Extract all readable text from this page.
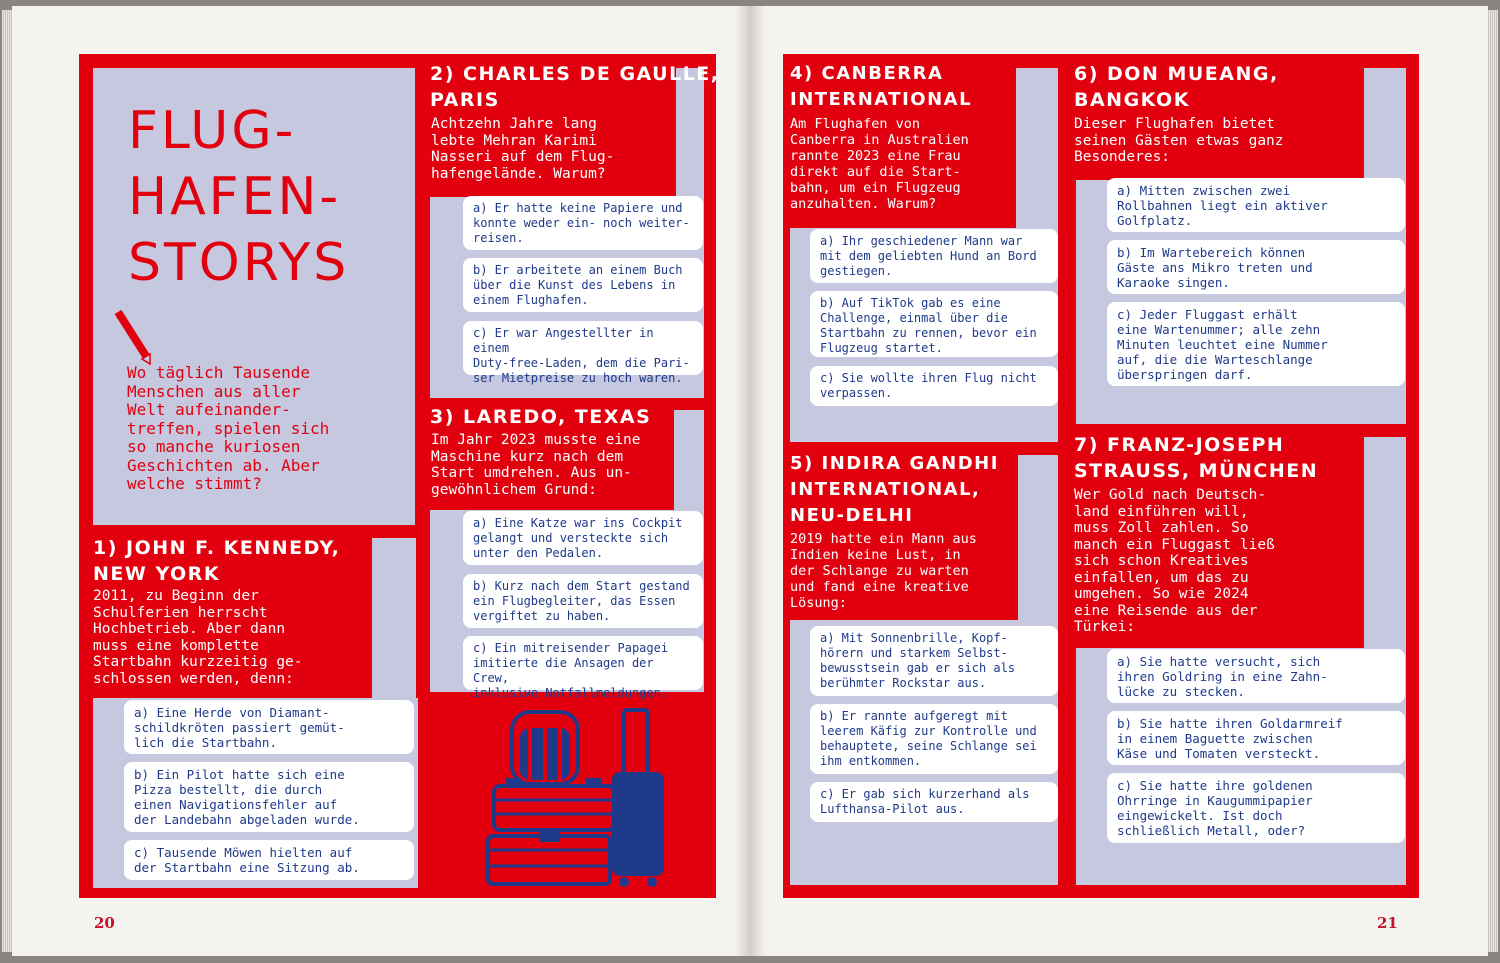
FLUG-
HAFEN-
STORYS
Wo täglich Tausende
Menschen aus aller
Welt aufeinander-
treffen, spielen sich
so manche kuriosen
Geschichten ab. Aber
welche stimmt?
1) JOHN F. KENNEDY,
NEW YORK
2011, zu Beginn der
Schulferien herrscht
Hochbetrieb. Aber dann
muss eine komplette
Startbahn kurzzeitig ge-
schlossen werden, denn:
a) Eine Herde von Diamant-
schildkröten passiert gemüt-
lich die Startbahn.
b) Ein Pilot hatte sich eine
Pizza bestellt, die durch
einen Navigationsfehler auf
der Landebahn abgeladen wurde.
c) Tausende Möwen hielten auf
der Startbahn eine Sitzung ab.
2) CHARLES DE GAULLE,
PARIS
Achtzehn Jahre lang
lebte Mehran Karimi
Nasseri auf dem Flug-
hafengelände. Warum?
a) Er hatte keine Papiere und
konnte weder ein- noch weiter-
reisen.
b) Er arbeitete an einem Buch
über die Kunst des Lebens in
einem Flughafen.
c) Er war Angestellter in einem
Duty-free-Laden, dem die Pari-
ser Mietpreise zu hoch waren.
3) LAREDO, TEXAS
Im Jahr 2023 musste eine
Maschine kurz nach dem
Start umdrehen. Aus un-
gewöhnlichem Grund:
a) Eine Katze war ins Cockpit
gelangt und versteckte sich
unter den Pedalen.
b) Kurz nach dem Start gestand
ein Flugbegleiter, das Essen
vergiftet zu haben.
c) Ein mitreisender Papagei
imitierte die Ansagen der Crew,
inklusive Notfallmeldungen.
20
4) CANBERRA
INTERNATIONAL
Am Flughafen von
Canberra in Australien
rannte 2023 eine Frau
direkt auf die Start-
bahn, um ein Flugzeug
anzuhalten. Warum?
a) Ihr geschiedener Mann war
mit dem geliebten Hund an Bord
gestiegen.
b) Auf TikTok gab es eine
Challenge, einmal über die
Startbahn zu rennen, bevor ein
Flugzeug startet.
c) Sie wollte ihren Flug nicht
verpassen.
5) INDIRA GANDHI
INTERNATIONAL,
NEU-DELHI
2019 hatte ein Mann aus
Indien keine Lust, in
der Schlange zu warten
und fand eine kreative
Lösung:
a) Mit Sonnenbrille, Kopf-
hörern und starkem Selbst-
bewusstsein gab er sich als
berühmter Rockstar aus.
b) Er rannte aufgeregt mit
leerem Käfig zur Kontrolle und
behauptete, seine Schlange sei
ihm entkommen.
c) Er gab sich kurzerhand als
Lufthansa-Pilot aus.
6) DON MUEANG,
BANGKOK
Dieser Flughafen bietet
seinen Gästen etwas ganz
Besonderes:
a) Mitten zwischen zwei
Rollbahnen liegt ein aktiver
Golfplatz.
b) Im Wartebereich können
Gäste ans Mikro treten und
Karaoke singen.
c) Jeder Fluggast erhält
eine Wartenummer; alle zehn
Minuten leuchtet eine Nummer
auf, die die Warteschlange
überspringen darf.
7) FRANZ-JOSEPH
STRAUSS, MÜNCHEN
Wer Gold nach Deutsch-
land einführen will,
muss Zoll zahlen. So
manch ein Fluggast ließ
sich schon Kreatives
einfallen, um das zu
umgehen. So wie 2024
eine Reisende aus der
Türkei:
a) Sie hatte versucht, sich
ihren Goldring in eine Zahn-
lücke zu stecken.
b) Sie hatte ihren Goldarmreif
in einem Baguette zwischen
Käse und Tomaten versteckt.
c) Sie hatte ihre goldenen
Ohrringe in Kaugummipapier
eingewickelt. Ist doch
schließlich Metall, oder?
21
